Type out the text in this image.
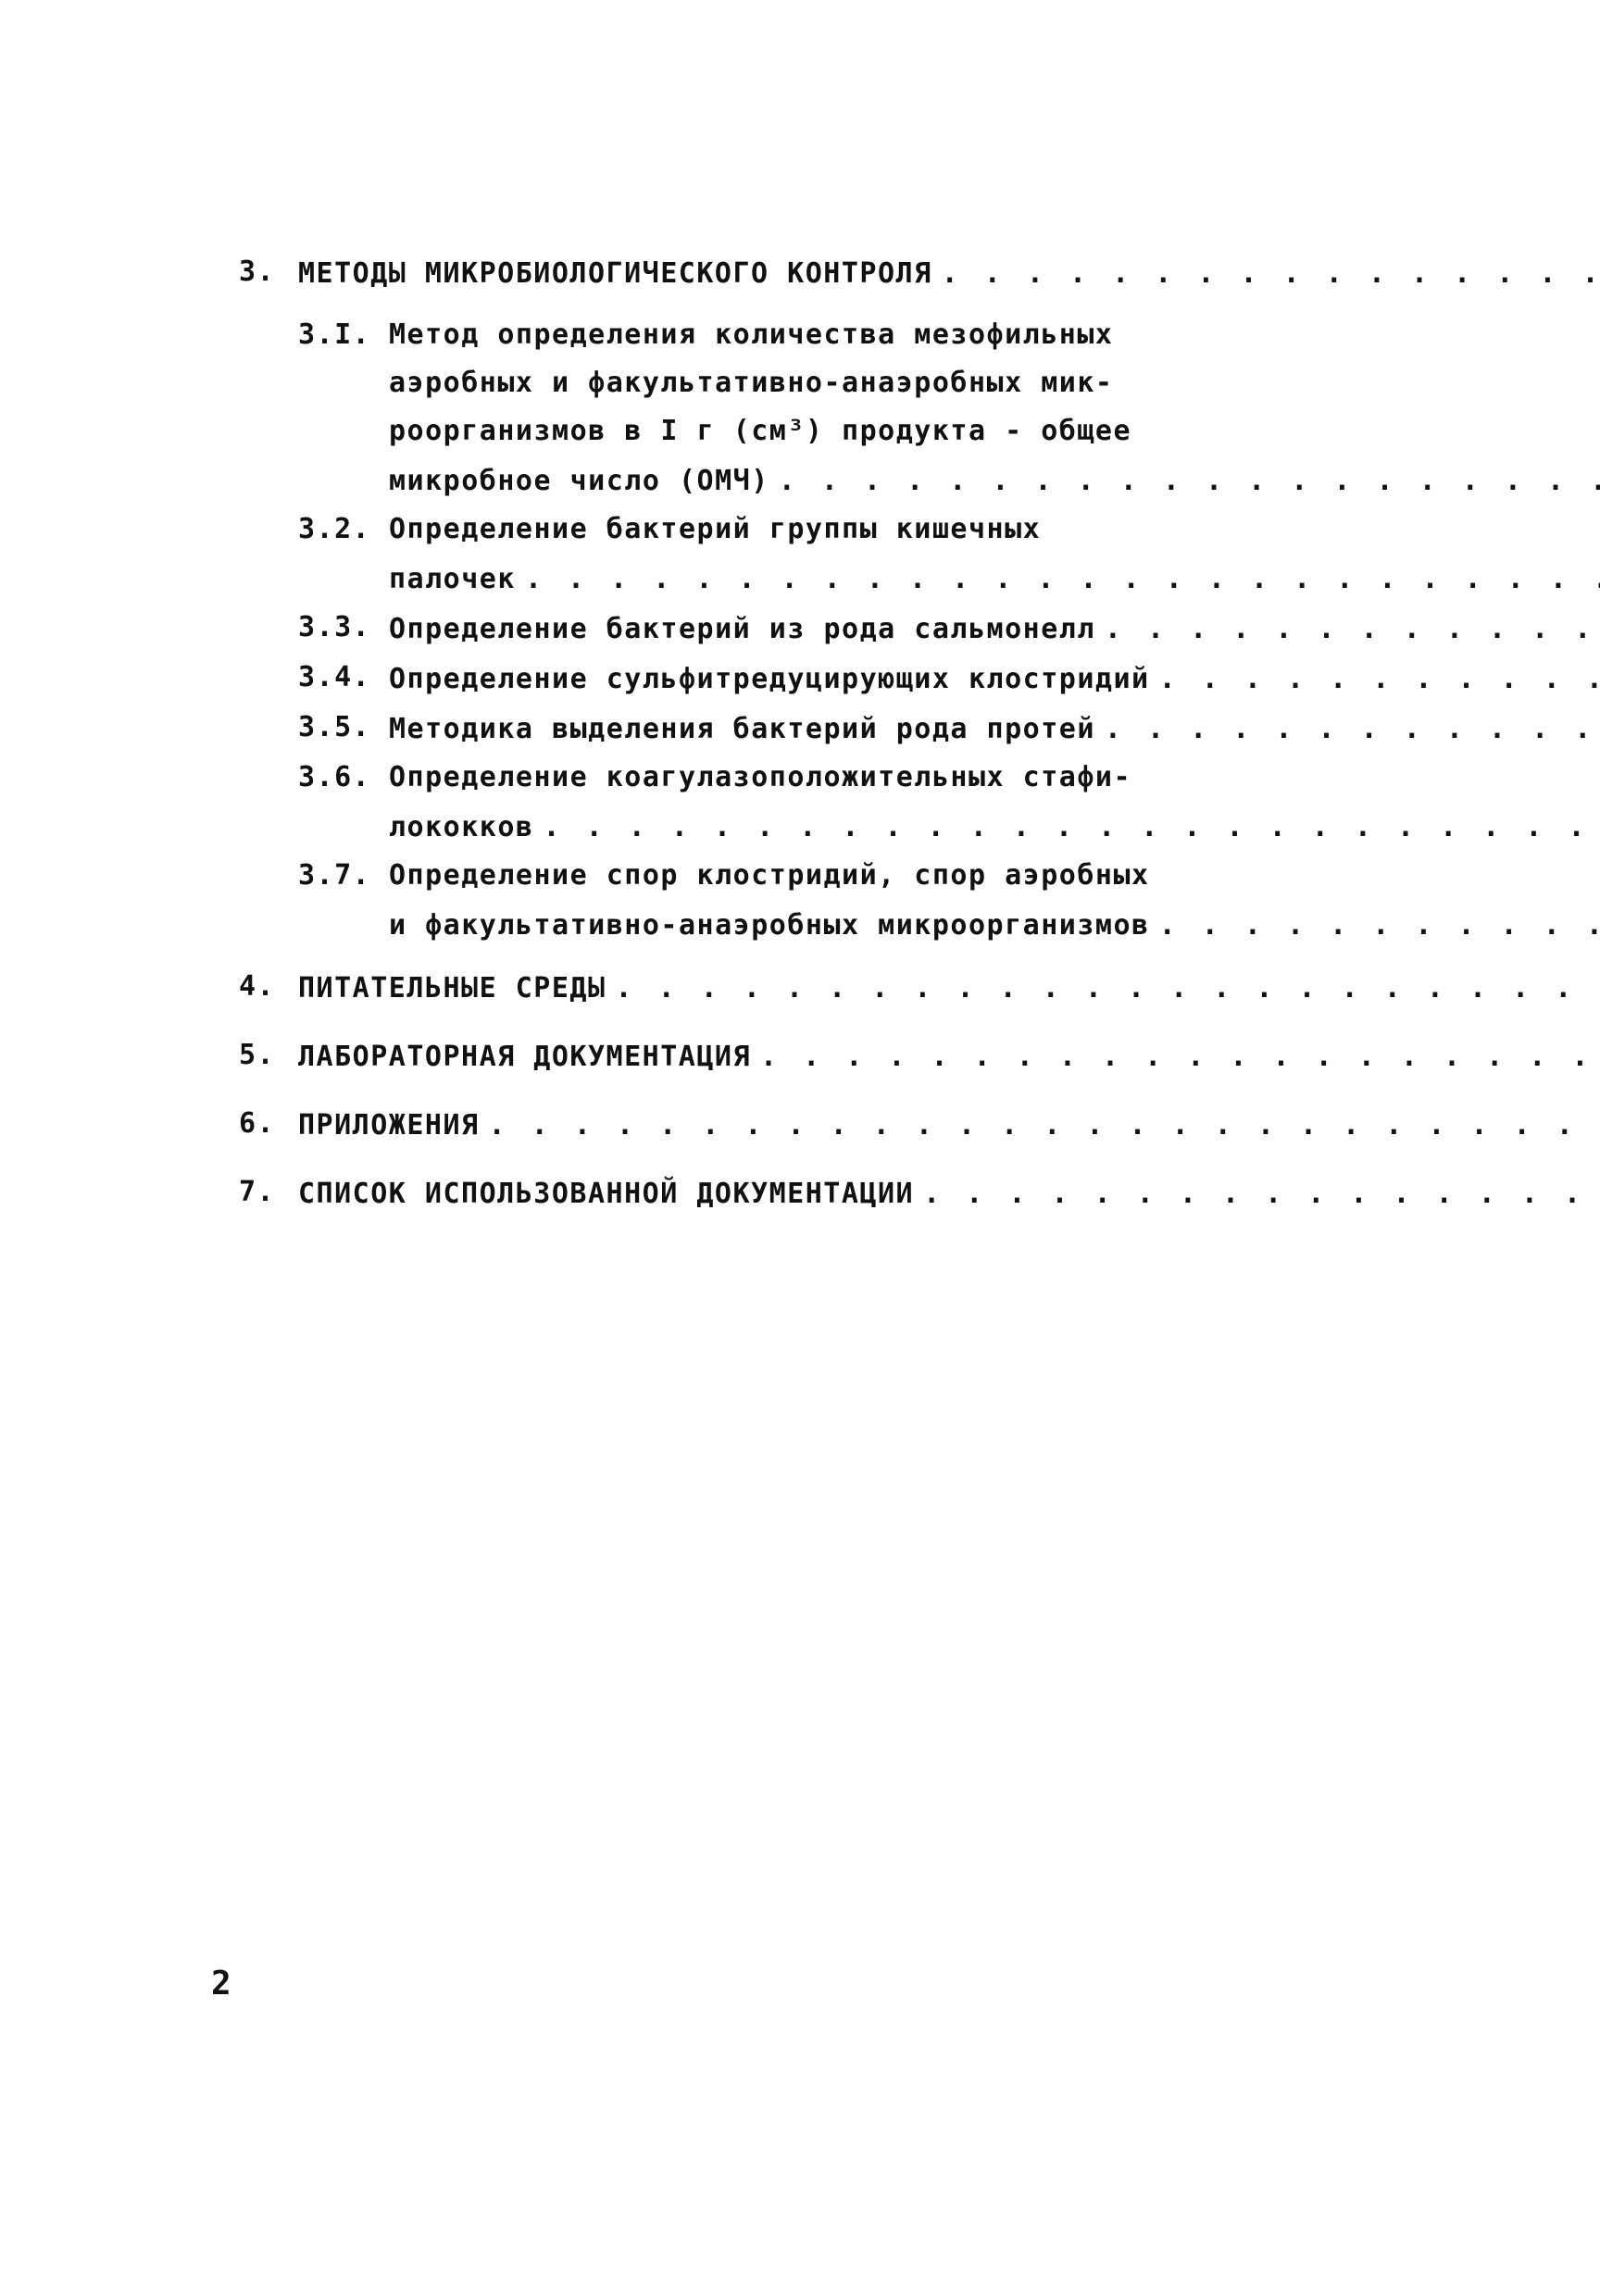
3. МЕТОДЫ МИКРОБИОЛОГИЧЕСКОГО КОНТРОЛЯ
. . .
3.I. Метод определения количества мезофильных
аэробных и факультативно-анаэробных мик-
роорганизмов в I г (см³) продукта - общее
микробное число (ОМЧ)
. . .
3.2. Определение бактерий группы кишечных
палочек
. . .
3.3. Определение бактерий из рода сальмонелл
. . .
3.4. Определение сульфитредуцирующих клостридий
. . .
3.5. Методика выделения бактерий рода протей
. . .
3.6. Определение коагулазоположительных стафи-
лококков
. . .
3.7. Определение спор клостридий, спор аэробных
и факультативно-анаэробных микроорганизмов
. . .
4. ПИТАТЕЛЬНЫЕ СРЕДЫ
. . .
5. ЛАБОРАТОРНАЯ ДОКУМЕНТАЦИЯ
. . .
6. ПРИЛОЖЕНИЯ
. . .
7. СПИСОК ИСПОЛЬЗОВАННОЙ ДОКУМЕНТАЦИИ
. . .
2
